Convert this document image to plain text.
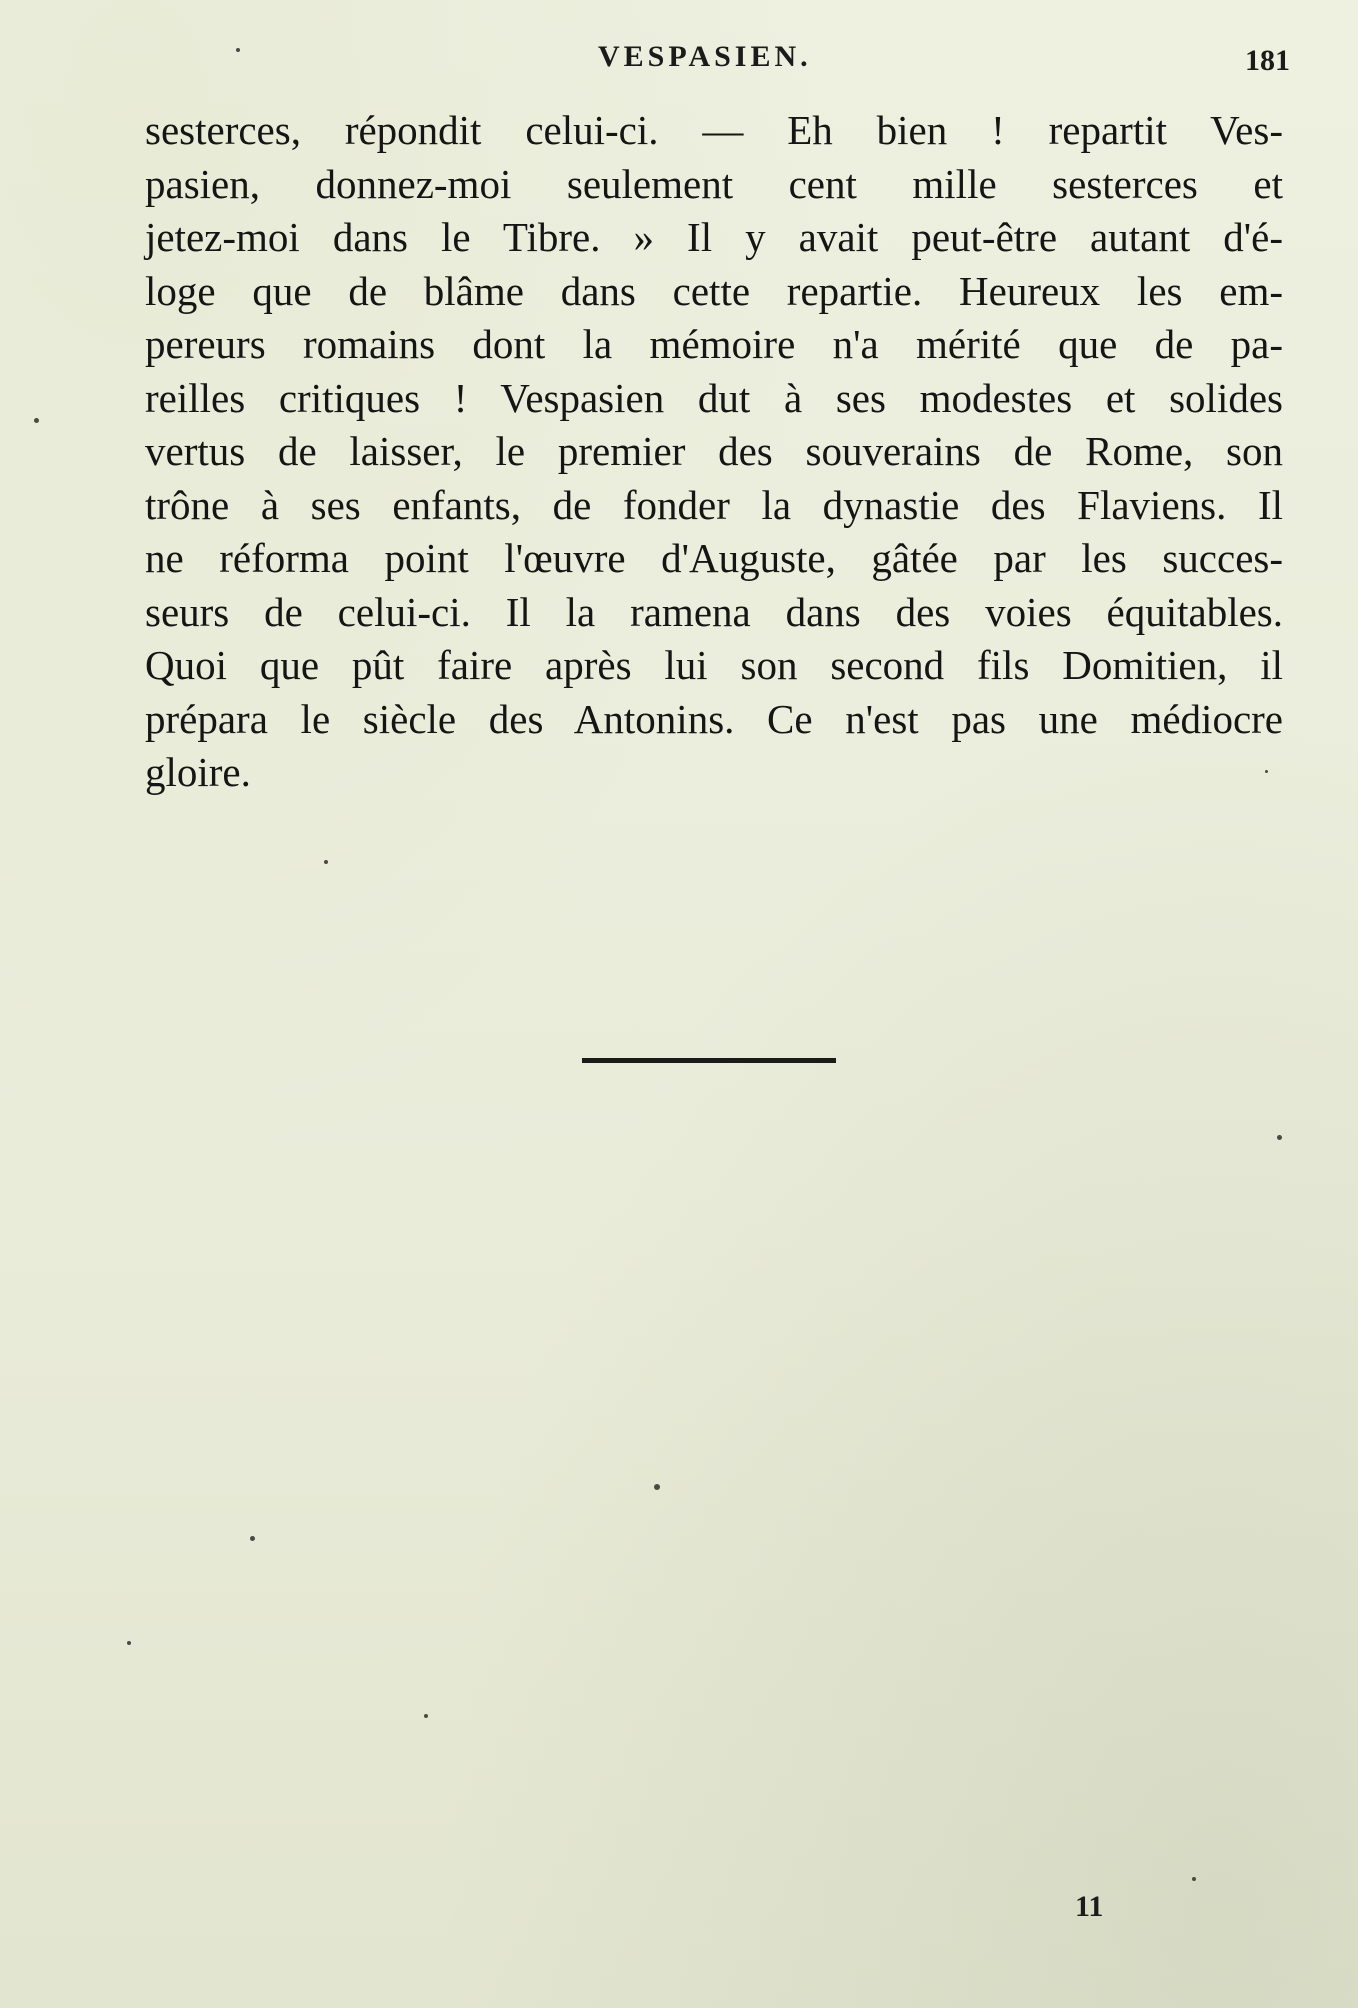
VESPASIEN.	181
sesterces, répondit celui-ci. — Eh bien ! repartit Ves-
pasien, donnez-moi seulement cent mille sesterces et
jetez-moi dans le Tibre. » Il y avait peut-être autant d'é-
loge que de blâme dans cette repartie. Heureux les em-
pereurs romains dont la mémoire n'a mérité que de pa-
reilles critiques ! Vespasien dut à ses modestes et solides
vertus de laisser, le premier des souverains de Rome, son
trône à ses enfants, de fonder la dynastie des Flaviens. Il
ne réforma point l'œuvre d'Auguste, gâtée par les succes-
seurs de celui-ci. Il la ramena dans des voies équitables.
Quoi que pût faire après lui son second fils Domitien, il
prépara le siècle des Antonins. Ce n'est pas une médiocre
gloire.
11
